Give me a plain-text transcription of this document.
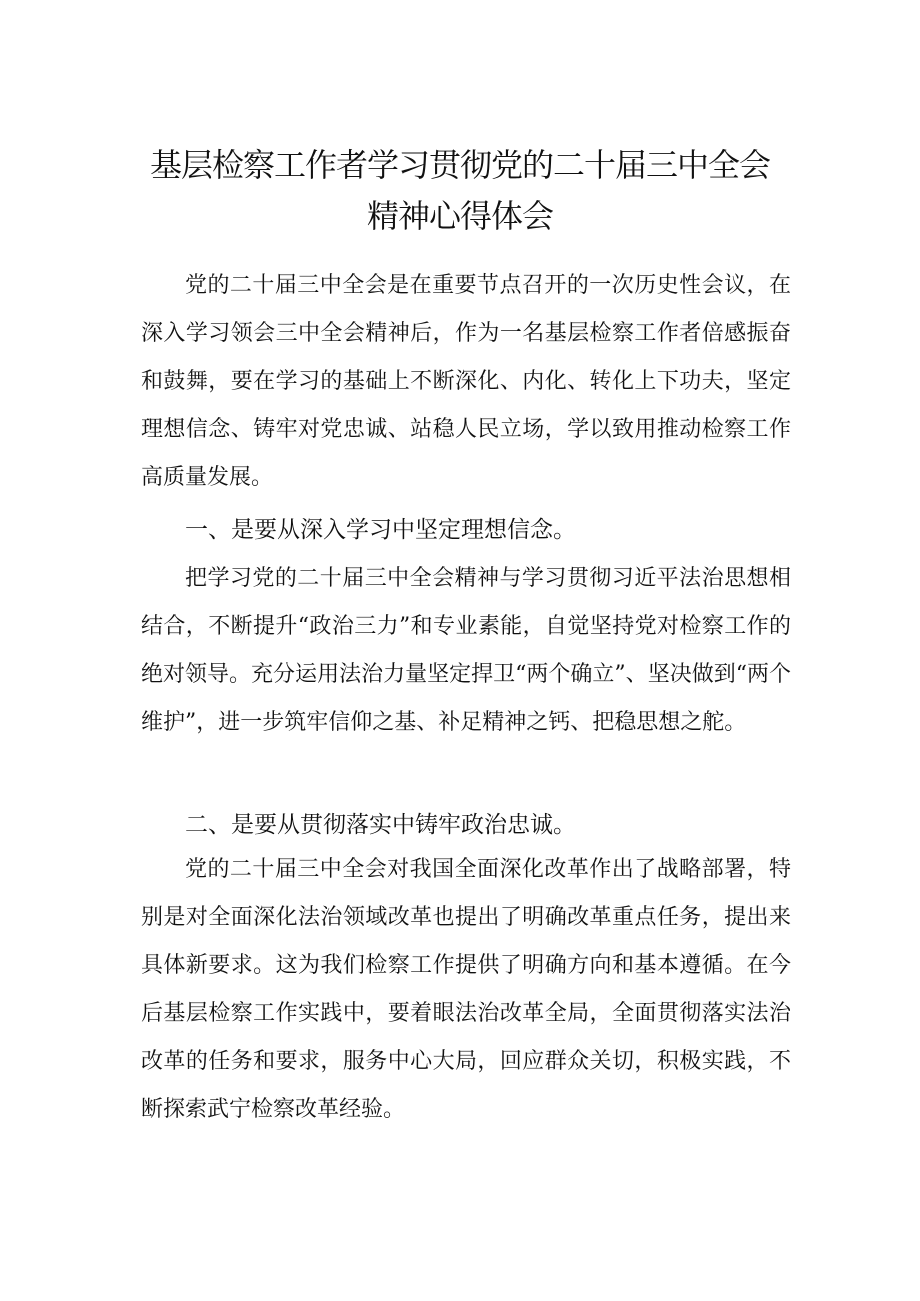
基层检察工作者学习贯彻党的二十届三中全会
精神心得体会

党的二十届三中全会是在重要节点召开的一次历史性会议，在深入学习领会三中全会精神后，作为一名基层检察工作者倍感振奋和鼓舞，要在学习的基础上不断深化、内化、转化上下功夫，坚定理想信念、铸牢对党忠诚、站稳人民立场，学以致用推动检察工作高质量发展。

一、是要从深入学习中坚定理想信念。

把学习党的二十届三中全会精神与学习贯彻习近平法治思想相结合，不断提升“政治三力”和专业素能，自觉坚持党对检察工作的绝对领导。充分运用法治力量坚定捍卫“两个确立”、坚决做到“两个维护”，进一步筑牢信仰之基、补足精神之钙、把稳思想之舵。

二、是要从贯彻落实中铸牢政治忠诚。

党的二十届三中全会对我国全面深化改革作出了战略部署，特别是对全面深化法治领域改革也提出了明确改革重点任务，提出来具体新要求。这为我们检察工作提供了明确方向和基本遵循。在今后基层检察工作实践中，要着眼法治改革全局，全面贯彻落实法治改革的任务和要求，服务中心大局，回应群众关切，积极实践，不断探索武宁检察改革经验。
